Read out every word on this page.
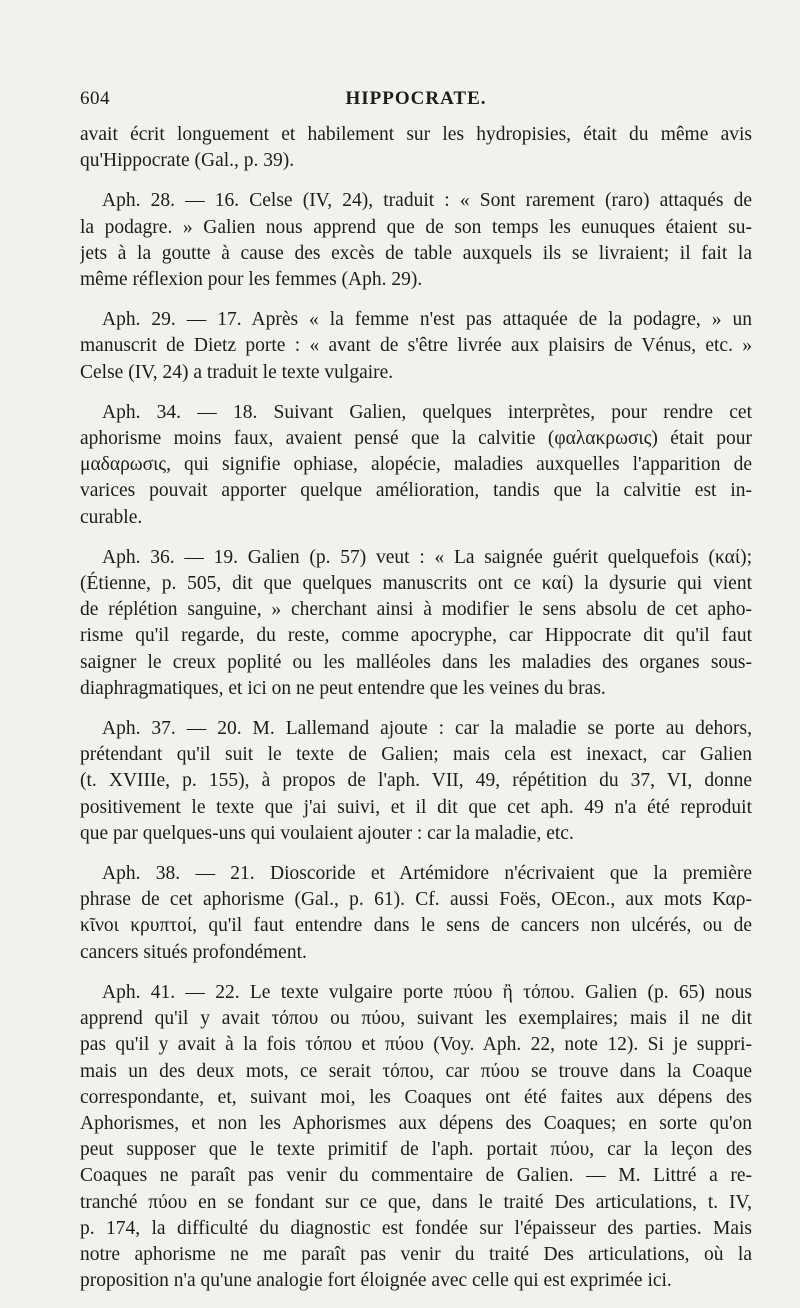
604	HIPPOCRATE.
avait écrit longuement et habilement sur les hydropisies, était du même avis
qu'Hippocrate (Gal., p. 39).
Aph. 28. — 16. Celse (IV, 24), traduit : « Sont rarement (raro) attaqués de
la podagre. » Galien nous apprend que de son temps les eunuques étaient su-
jets à la goutte à cause des excès de table auxquels ils se livraient; il fait la
même réflexion pour les femmes (Aph. 29).
Aph. 29. — 17. Après « la femme n'est pas attaquée de la podagre, » un
manuscrit de Dietz porte : « avant de s'être livrée aux plaisirs de Vénus, etc. »
Celse (IV, 24) a traduit le texte vulgaire.
Aph. 34. — 18. Suivant Galien, quelques interprètes, pour rendre cet
aphorisme moins faux, avaient pensé que la calvitie (φαλακρωσις) était pour
μαδαρωσις, qui signifie ophiase, alopécie, maladies auxquelles l'apparition de
varices pouvait apporter quelque amélioration, tandis que la calvitie est in-
curable.
Aph. 36. — 19. Galien (p. 57) veut : « La saignée guérit quelquefois (καί);
(Étienne, p. 505, dit que quelques manuscrits ont ce καί) la dysurie qui vient
de réplétion sanguine, » cherchant ainsi à modifier le sens absolu de cet apho-
risme qu'il regarde, du reste, comme apocryphe, car Hippocrate dit qu'il faut
saigner le creux poplité ou les malléoles dans les maladies des organes sous-
diaphragmatiques, et ici on ne peut entendre que les veines du bras.
Aph. 37. — 20. M. Lallemand ajoute : car la maladie se porte au dehors,
prétendant qu'il suit le texte de Galien; mais cela est inexact, car Galien
(t. XVIIIe, p. 155), à propos de l'aph. VII, 49, répétition du 37, VI, donne
positivement le texte que j'ai suivi, et il dit que cet aph. 49 n'a été reproduit
que par quelques-uns qui voulaient ajouter : car la maladie, etc.
Aph. 38. — 21. Dioscoride et Artémidore n'écrivaient que la première
phrase de cet aphorisme (Gal., p. 61). Cf. aussi Foës, OEcon., aux mots Καρ-
κῖνοι κρυπτοί, qu'il faut entendre dans le sens de cancers non ulcérés, ou de
cancers situés profondément.
Aph. 41. — 22. Le texte vulgaire porte πύου ἢ τόπου. Galien (p. 65) nous
apprend qu'il y avait τόπου ou πύου, suivant les exemplaires; mais il ne dit
pas qu'il y avait à la fois τόπου et πύου (Voy. Aph. 22, note 12). Si je suppri-
mais un des deux mots, ce serait τόπου, car πύου se trouve dans la Coaque
correspondante, et, suivant moi, les Coaques ont été faites aux dépens des
Aphorismes, et non les Aphorismes aux dépens des Coaques; en sorte qu'on
peut supposer que le texte primitif de l'aph. portait πύου, car la leçon des
Coaques ne paraît pas venir du commentaire de Galien. — M. Littré a re-
tranché πύου en se fondant sur ce que, dans le traité Des articulations, t. IV,
p. 174, la difficulté du diagnostic est fondée sur l'épaisseur des parties. Mais
notre aphorisme ne me paraît pas venir du traité Des articulations, où la
proposition n'a qu'une analogie fort éloignée avec celle qui est exprimée ici.
